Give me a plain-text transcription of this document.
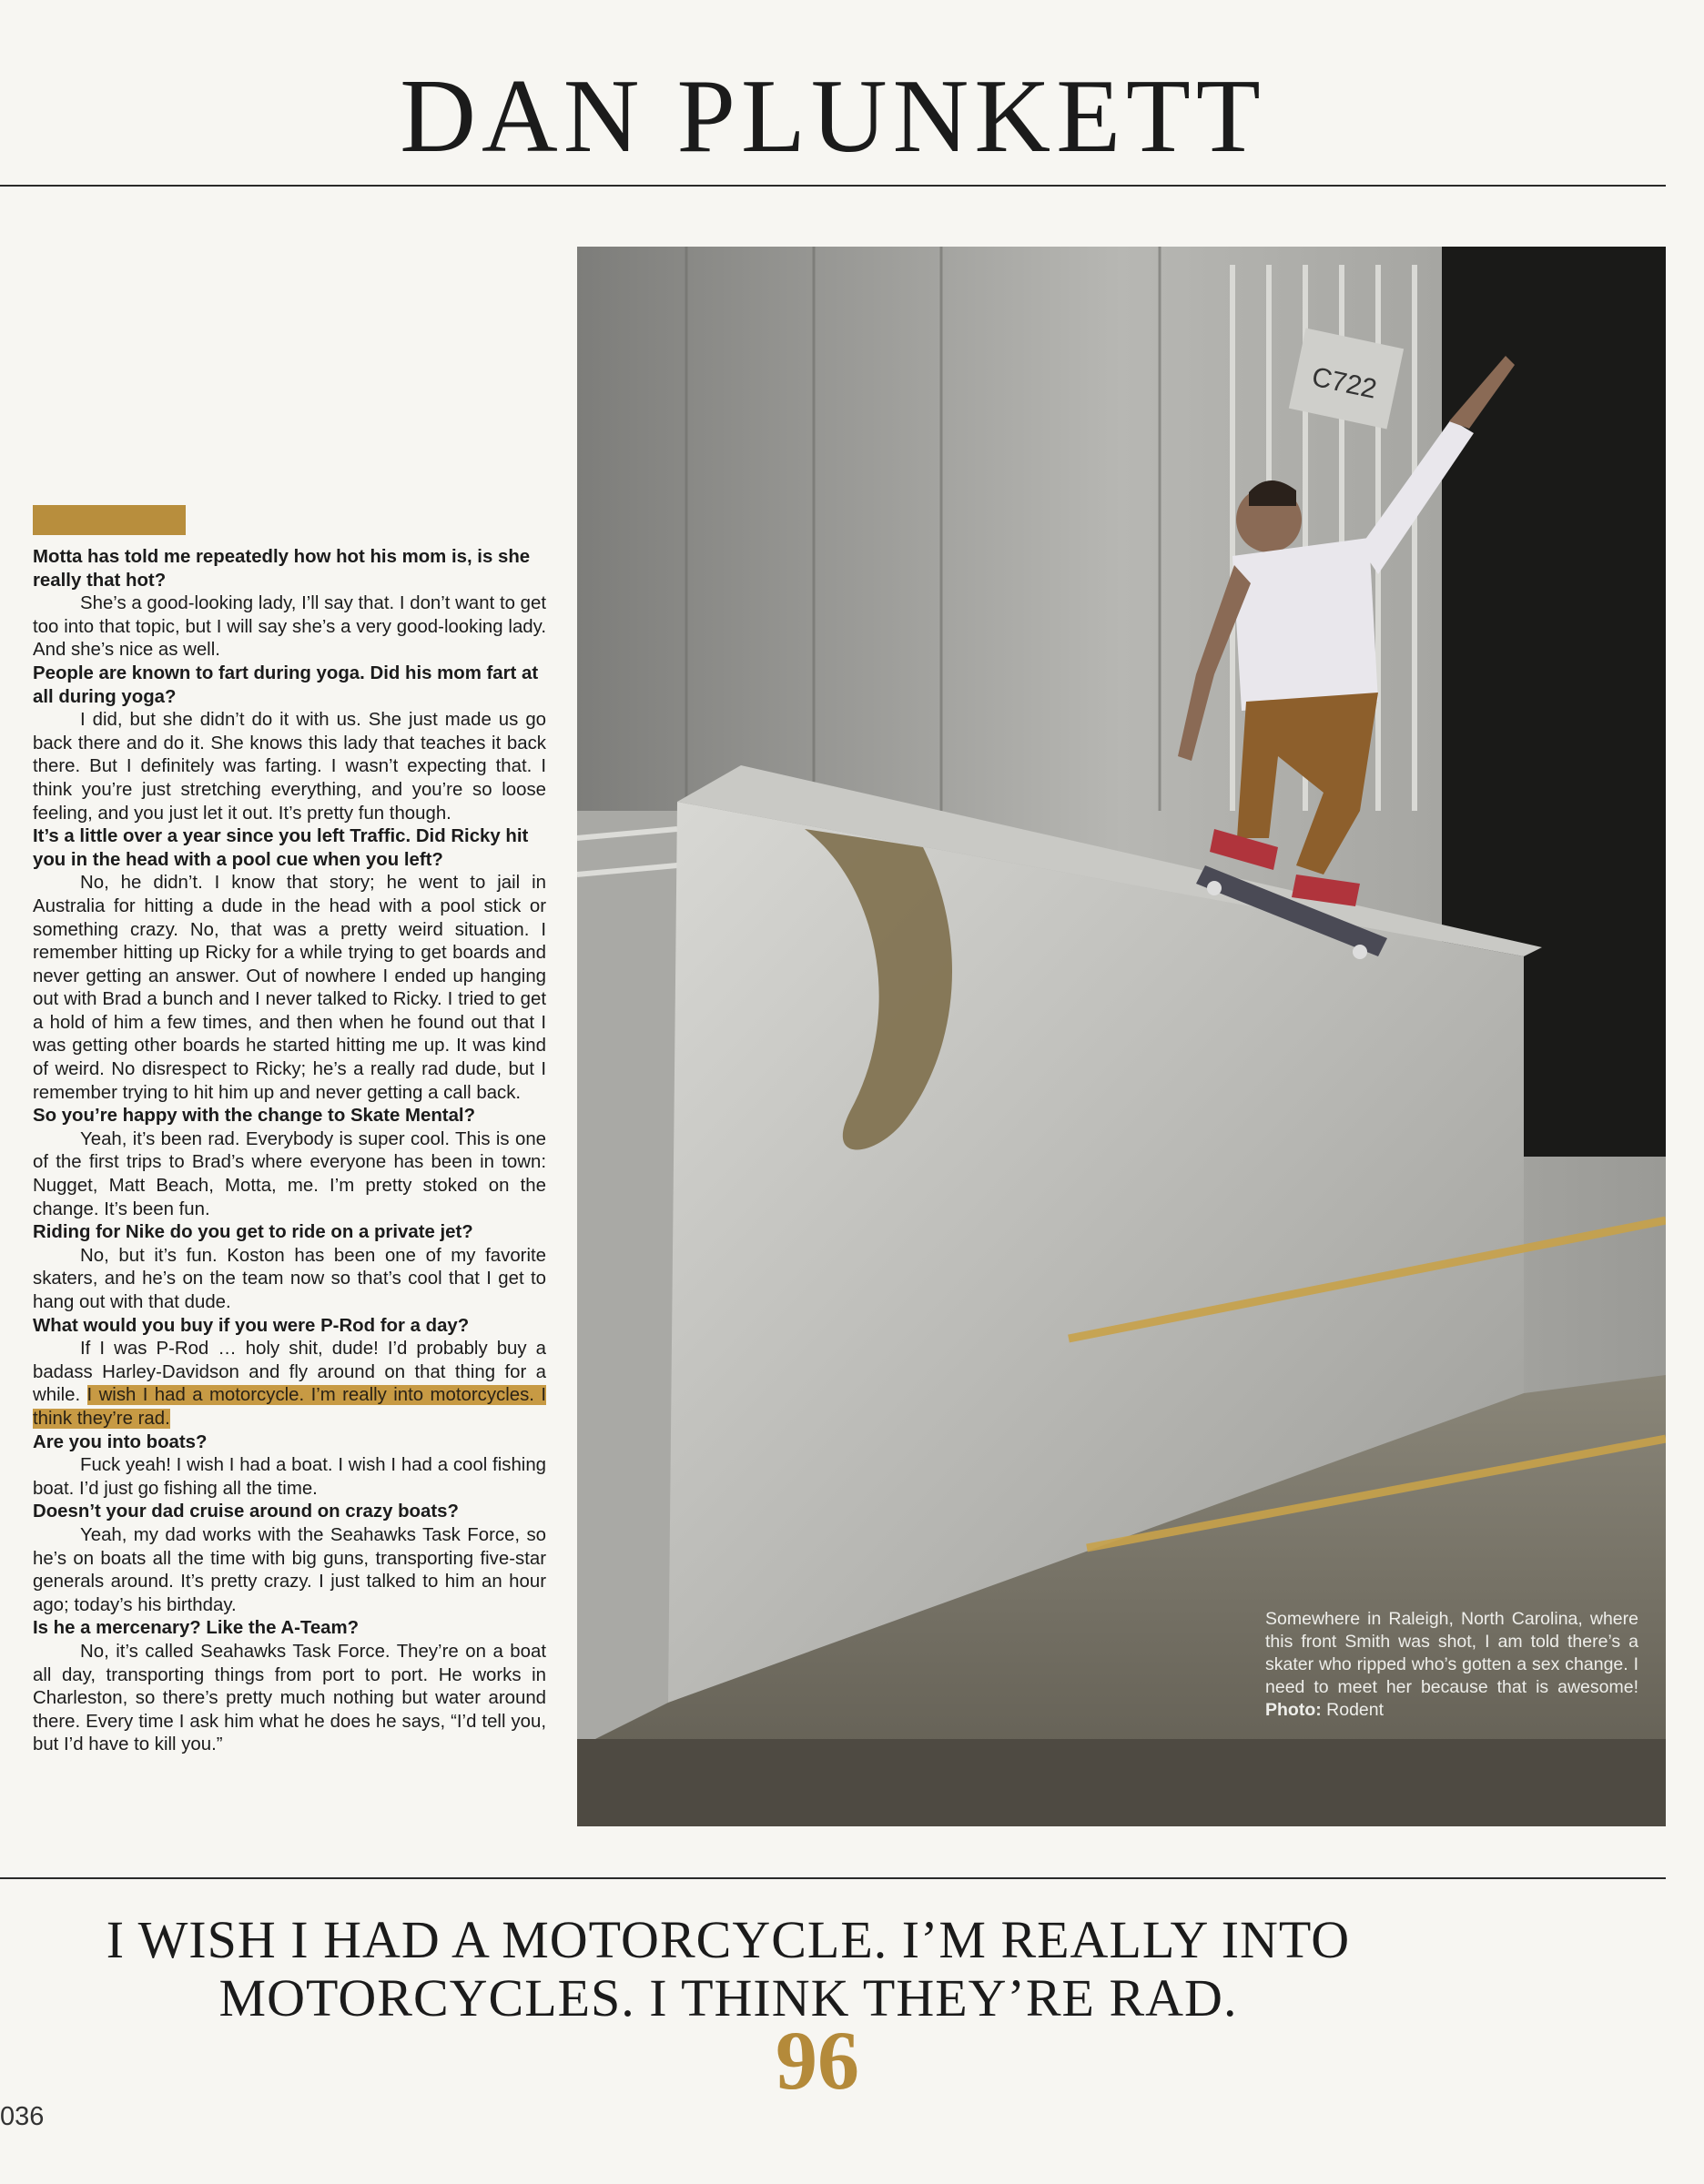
DAN PLUNKETT

Motta has told me repeatedly how hot his mom is, is she really that hot?

She’s a good-looking lady, I’ll say that. I don’t want to get too into that topic, but I will say she’s a very good-looking lady. And she’s nice as well.

People are known to fart during yoga. Did his mom fart at all during yoga?

I did, but she didn’t do it with us. She just made us go back there and do it. She knows this lady that teaches it back there. But I definitely was farting. I wasn’t expecting that. I think you’re just stretching everything, and you’re so loose feeling, and you just let it out. It’s pretty fun though.

It’s a little over a year since you left Traffic. Did Ricky hit you in the head with a pool cue when you left?

No, he didn’t. I know that story; he went to jail in Australia for hitting a dude in the head with a pool stick or something crazy. No, that was a pretty weird situation. I remember hitting up Ricky for a while trying to get boards and never getting an answer. Out of nowhere I ended up hanging out with Brad a bunch and I never talked to Ricky. I tried to get a hold of him a few times, and then when he found out that I was getting other boards he started hitting me up. It was kind of weird. No disrespect to Ricky; he’s a really rad dude, but I remember trying to hit him up and never getting a call back.

So you’re happy with the change to Skate Mental?

Yeah, it’s been rad. Everybody is super cool. This is one of the first trips to Brad’s where everyone has been in town: Nugget, Matt Beach, Motta, me. I’m pretty stoked on the change. It’s been fun.

Riding for Nike do you get to ride on a private jet?

No, but it’s fun. Koston has been one of my favorite skaters, and he’s on the team now so that’s cool that I get to hang out with that dude.

What would you buy if you were P-Rod for a day?

If I was P-Rod … holy shit, dude! I’d probably buy a badass Harley-Davidson and fly around on that thing for a while. I wish I had a motorcycle. I’m really into motorcycles. I think they’re rad.

Are you into boats?

Fuck yeah! I wish I had a boat. I wish I had a cool fishing boat. I’d just go fishing all the time.

Doesn’t your dad cruise around on crazy boats?

Yeah, my dad works with the Seahawks Task Force, so he’s on boats all the time with big guns, transporting five-star generals around. It’s pretty crazy. I just talked to him an hour ago; today’s his birthday.

Is he a mercenary? Like the A-Team?

No, it’s called Seahawks Task Force. They’re on a boat all day, transporting things from port to port. He works in Charleston, so there’s pretty much nothing but water around there. Every time I ask him what he does he says, “I’d tell you, but I’d have to kill you.”

C722
Somewhere in Raleigh, North Carolina, where this front Smith was shot, I am told there’s a skater who ripped who’s gotten a sex change. I need to meet her because that is awesome! Photo: Rodent
I WISH I HAD A MOTORCYCLE. I’M REALLY INTO
MOTORCYCLES. I THINK THEY’RE RAD.
96
036
